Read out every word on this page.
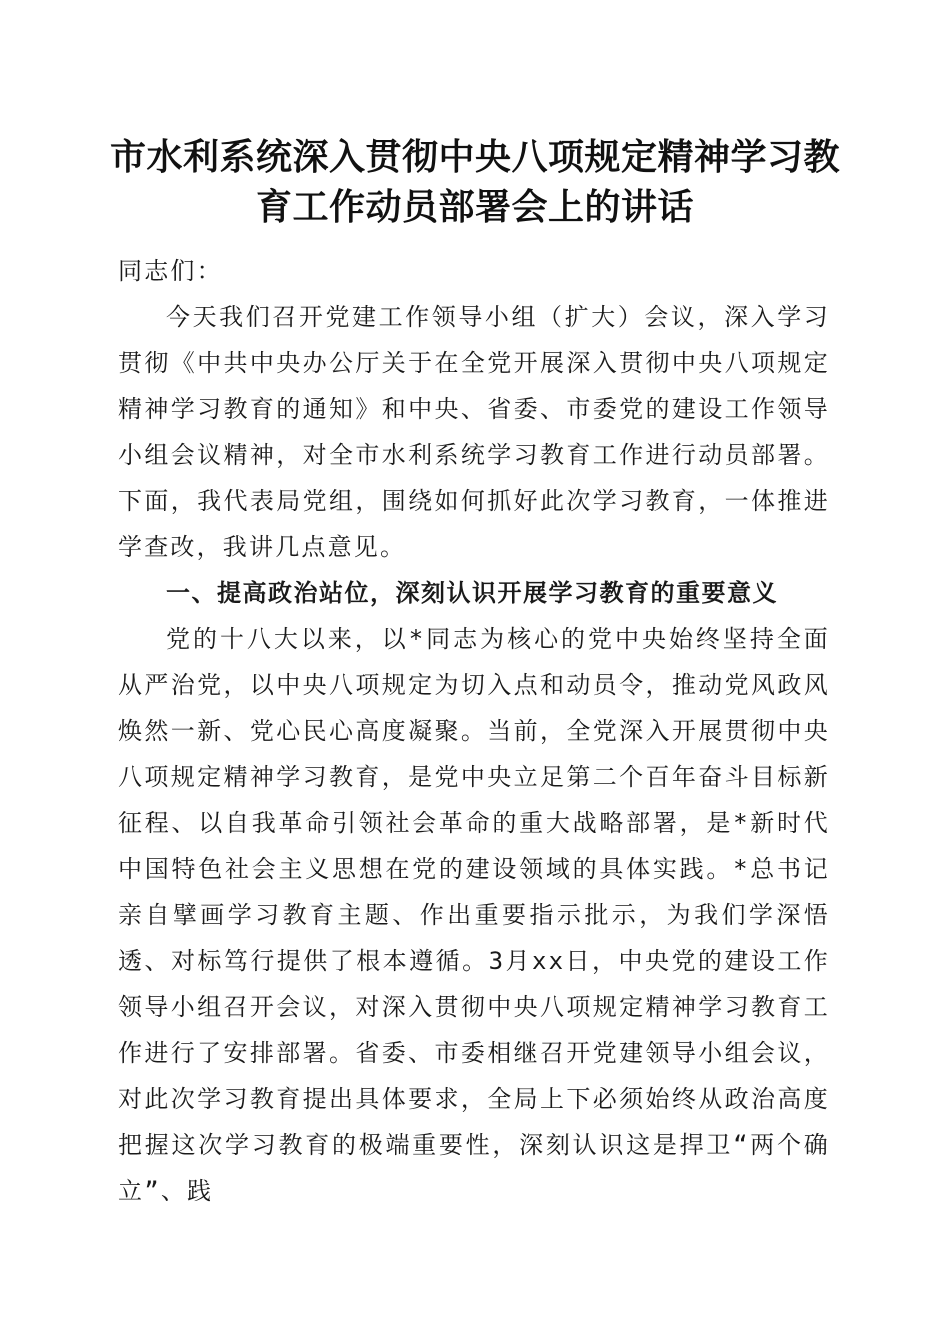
市水利系统深入贯彻中央八项规定精神学习教育工作动员部署会上的讲话

同志们：

今天我们召开党建工作领导小组（扩大）会议，深入学习贯彻《中共中央办公厅关于在全党开展深入贯彻中央八项规定精神学习教育的通知》和中央、省委、市委党的建设工作领导小组会议精神，对全市水利系统学习教育工作进行动员部署。下面，我代表局党组，围绕如何抓好此次学习教育，一体推进学查改，我讲几点意见。

一、提高政治站位，深刻认识开展学习教育的重要意义

党的十八大以来，以*同志为核心的党中央始终坚持全面从严治党，以中央八项规定为切入点和动员令，推动党风政风焕然一新、党心民心高度凝聚。当前，全党深入开展贯彻中央八项规定精神学习教育，是党中央立足第二个百年奋斗目标新征程、以自我革命引领社会革命的重大战略部署，是*新时代中国特色社会主义思想在党的建设领域的具体实践。*总书记亲自擘画学习教育主题、作出重要指示批示，为我们学深悟透、对标笃行提供了根本遵循。3月xx日，中央党的建设工作领导小组召开会议，对深入贯彻中央八项规定精神学习教育工作进行了安排部署。省委、市委相继召开党建领导小组会议，对此次学习教育提出具体要求，全局上下必须始终从政治高度把握这次学习教育的极端重要性，深刻认识这是捍卫“两个确立”、践
